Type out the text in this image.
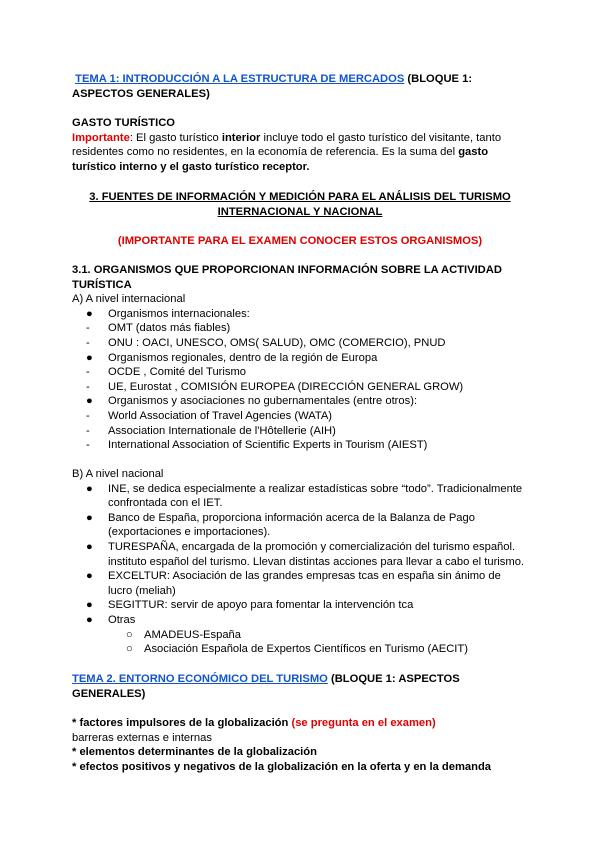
TEMA 1: INTRODUCCIÓN A LA ESTRUCTURA DE MERCADOS (BLOQUE 1:
ASPECTOS GENERALES)

GASTO TURÍSTICO

Importante: El gasto turístico interior incluye todo el gasto turístico del visitante, tanto residentes como no residentes, en la economía de referencia. Es la suma del gasto turístico interno y el gasto turístico receptor.

3. FUENTES DE INFORMACIÓN Y MEDICIÓN PARA EL ANÁLISIS DEL TURISMO
INTERNACIONAL Y NACIONAL
(IMPORTANTE PARA EL EXAMEN CONOCER ESTOS ORGANISMOS)

3.1. ORGANISMOS QUE PROPORCIONAN INFORMACIÓN SOBRE LA ACTIVIDAD TURÍSTICA

A) A nivel internacional

●	Organismos internacionales:
-	OMT (datos más fiables)
-	ONU : OACI, UNESCO, OMS( SALUD), OMC (COMERCIO), PNUD
●	Organismos regionales, dentro de la región de Europa
-	OCDE , Comité del Turismo
-	UE, Eurostat , COMISIÓN EUROPEA (DIRECCIÓN GENERAL GROW)
●	Organismos y asociaciones no gubernamentales (entre otros):
-	World Association of Travel Agencies (WATA)
-	Association Internationale de l'Hôtellerie (AIH)
-	International Association of Scientific Experts in Tourism (AIEST)

B) A nivel nacional

●	INE, se dedica especialmente a realizar estadísticas sobre “todo”. Tradicionalmente confrontada con el IET.
●	Banco de España, proporciona información acerca de la Balanza de Pago (exportaciones e importaciones).
●	TURESPAÑA, encargada de la promoción y comercialización del turismo español. instituto español del turismo. Llevan distintas acciones para llevar a cabo el turismo.
●	EXCELTUR: Asociación de las grandes empresas tcas en españa sin ánimo de lucro (meliah)
●	SEGITTUR: servir de apoyo para fomentar la intervención tca
●	Otras
○	AMADEUS-España
○	Asociación Española de Expertos Científicos en Turismo (AECIT)
TEMA 2. ENTORNO ECONÓMICO DEL TURISMO (BLOQUE 1: ASPECTOS
GENERALES)

* factores impulsores de la globalización (se pregunta en el examen)

barreras externas e internas

* elementos determinantes de la globalización

* efectos positivos y negativos de la globalización en la oferta y en la demanda
